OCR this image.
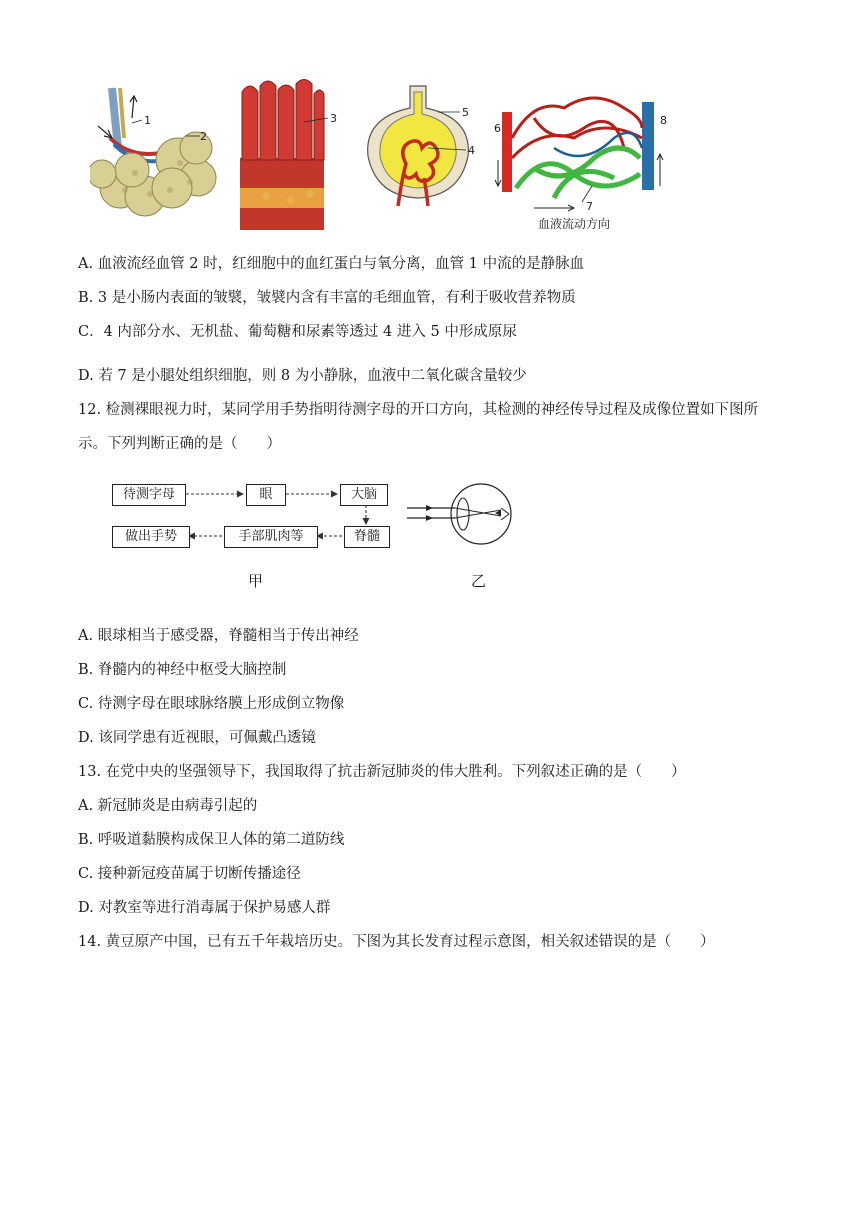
1
2
3	5
4
6
7
8
血液流动方向
A. 血液流经血管 2 时，红细胞中的血红蛋白与氧分离，血管 1 中流的是静脉血
B. 3 是小肠内表面的皱襞，皱襞内含有丰富的毛细血管，有利于吸收营养物质
C．4 内部分水、无机盐、葡萄糖和尿素等透过 4 进入 5 中形成原尿
D. 若 7 是小腿处组织细胞，则 8 为小静脉，血液中二氧化碳含量较少
12. 检测裸眼视力时，某同学用手势指明待测字母的开口方向，其检测的神经传导过程及成像位置如下图所
示。下列判断正确的是（　　）
待测字母	眼	大脑
做出手势	手部肌肉等	脊髓
甲	乙
A. 眼球相当于感受器，脊髓相当于传出神经
B. 脊髓内的神经中枢受大脑控制
C. 待测字母在眼球脉络膜上形成倒立物像
D. 该同学患有近视眼，可佩戴凸透镜
13. 在党中央的坚强领导下，我国取得了抗击新冠肺炎的伟大胜利。下列叙述正确的是（　　）
A. 新冠肺炎是由病毒引起的
B. 呼吸道黏膜构成保卫人体的第二道防线
C. 接种新冠疫苗属于切断传播途径
D. 对教室等进行消毒属于保护易感人群
14. 黄豆原产中国，已有五千年栽培历史。下图为其长发育过程示意图，相关叙述错误的是（　　）
